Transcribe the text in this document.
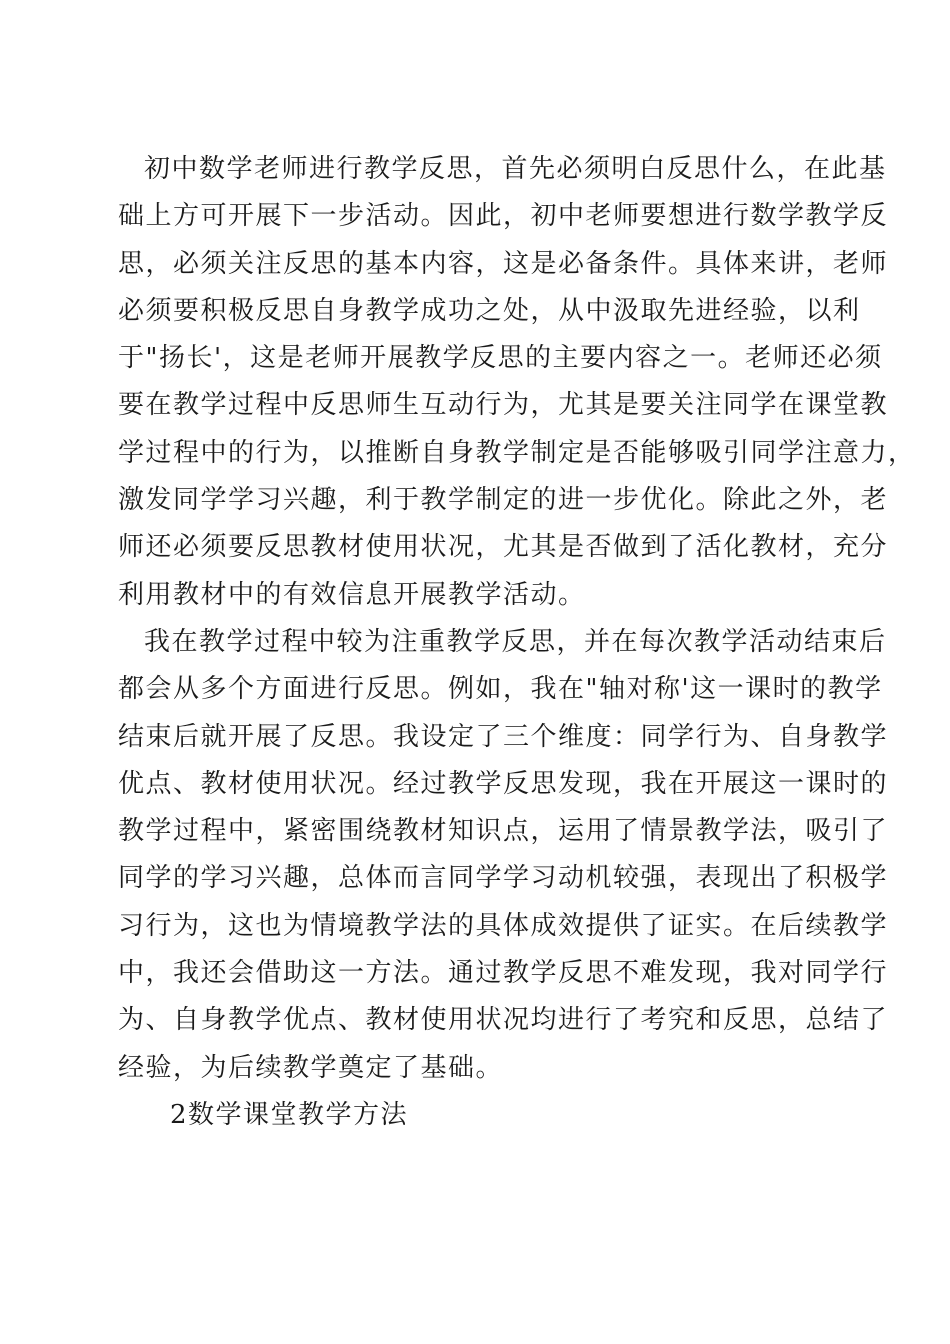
初中数学老师进行教学反思，首先必须明白反思什么，在此基
础上方可开展下一步活动。因此，初中老师要想进行数学教学反
思，必须关注反思的基本内容，这是必备条件。具体来讲，老师
必须要积极反思自身教学成功之处，从中汲取先进经验，以利
于"扬长'，这是老师开展教学反思的主要内容之一。老师还必须
要在教学过程中反思师生互动行为，尤其是要关注同学在课堂教
学过程中的行为，以推断自身教学制定是否能够吸引同学注意力，
激发同学学习兴趣，利于教学制定的进一步优化。除此之外，老
师还必须要反思教材使用状况，尤其是否做到了活化教材，充分
利用教材中的有效信息开展教学活动。
我在教学过程中较为注重教学反思，并在每次教学活动结束后
都会从多个方面进行反思。例如，我在"轴对称'这一课时的教学
结束后就开展了反思。我设定了三个维度：同学行为、自身教学
优点、教材使用状况。经过教学反思发现，我在开展这一课时的
教学过程中，紧密围绕教材知识点，运用了情景教学法，吸引了
同学的学习兴趣，总体而言同学学习动机较强，表现出了积极学
习行为，这也为情境教学法的具体成效提供了证实。在后续教学
中，我还会借助这一方法。通过教学反思不难发现，我对同学行
为、自身教学优点、教材使用状况均进行了考究和反思，总结了
经验，为后续教学奠定了基础。
2数学课堂教学方法
